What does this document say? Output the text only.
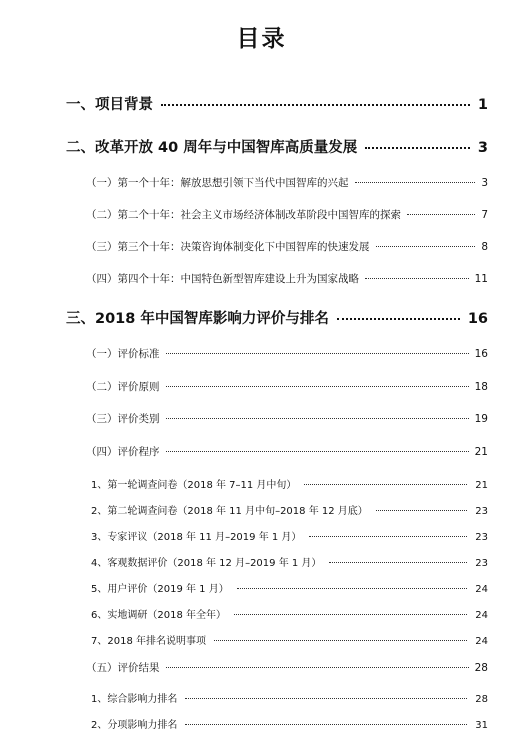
目录
一、项目背景	1
二、改革开放 40 周年与中国智库高质量发展	3
（一）第一个十年：解放思想引领下当代中国智库的兴起	3
（二）第二个十年：社会主义市场经济体制改革阶段中国智库的探索	7
（三）第三个十年：决策咨询体制变化下中国智库的快速发展	8
（四）第四个十年：中国特色新型智库建设上升为国家战略	11
三、2018 年中国智库影响力评价与排名	16
（一）评价标准	16
（二）评价原则	18
（三）评价类别	19
（四）评价程序	21
1、第一轮调查问卷（2018 年 7–11 月中旬）	21
2、第二轮调查问卷（2018 年 11 月中旬–2018 年 12 月底）	23
3、专家评议（2018 年 11 月–2019 年 1 月）	23
4、客观数据评价（2018 年 12 月–2019 年 1 月）	23
5、用户评价（2019 年 1 月）	24
6、实地调研（2018 年全年）	24
7、2018 年排名说明事项	24
（五）评价结果	28
1、综合影响力排名	28
2、分项影响力排名	31
